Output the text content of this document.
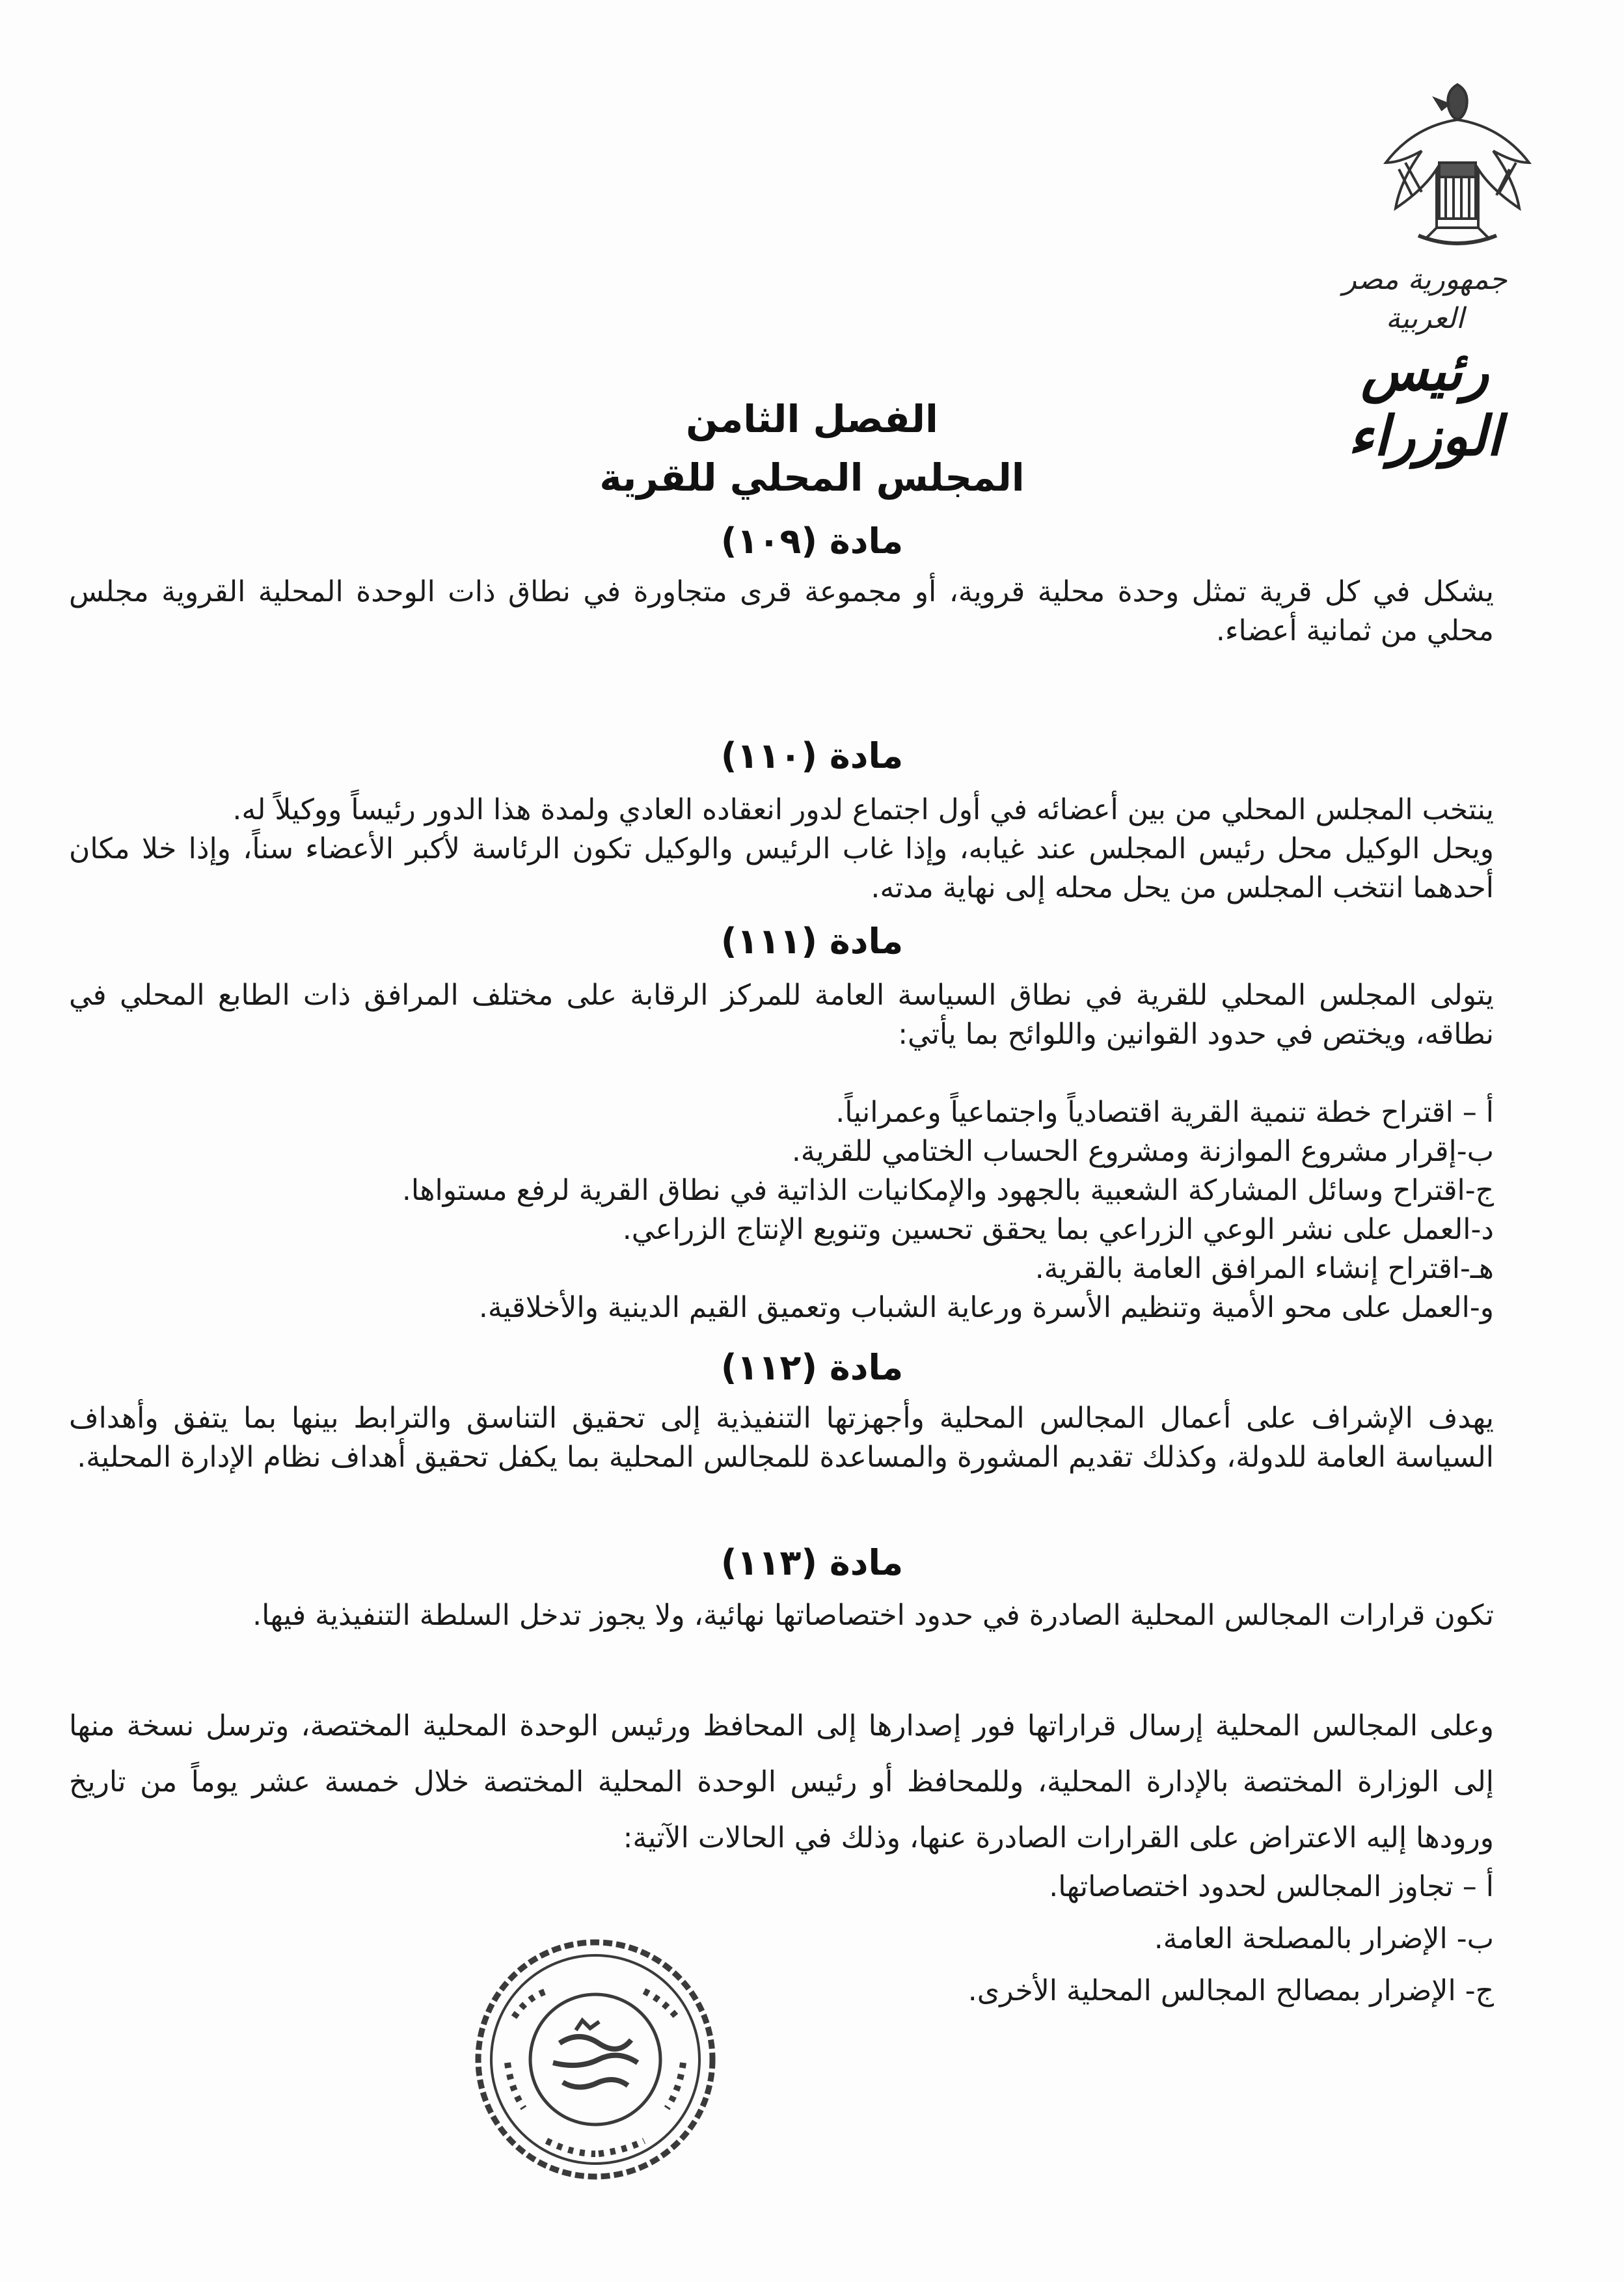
جمهورية مصر العربية
رئيس الوزراء
الفصل الثامن
المجلس المحلي للقرية
مادة (١٠٩)
يشكل في كل قرية تمثل وحدة محلية قروية، أو مجموعة قرى متجاورة في نطاق ذات الوحدة المحلية القروية مجلس محلي من ثمانية أعضاء.
مادة (١١٠)
ينتخب المجلس المحلي من بين أعضائه في أول اجتماع لدور انعقاده العادي ولمدة هذا الدور رئيساً ووكيلاً له.
ويحل الوكيل محل رئيس المجلس عند غيابه، وإذا غاب الرئيس والوكيل تكون الرئاسة لأكبر الأعضاء سناً، وإذا خلا مكان أحدهما انتخب المجلس من يحل محله إلى نهاية مدته.
مادة (١١١)
يتولى المجلس المحلي للقرية في نطاق السياسة العامة للمركز الرقابة على مختلف المرافق ذات الطابع المحلي في نطاقه، ويختص في حدود القوانين واللوائح بما يأتي:
أ – اقتراح خطة تنمية القرية اقتصادياً واجتماعياً وعمرانياً.
ب-إقرار مشروع الموازنة ومشروع الحساب الختامي للقرية.
ج-اقتراح وسائل المشاركة الشعبية بالجهود والإمكانيات الذاتية في نطاق القرية لرفع مستواها.
د-العمل على نشر الوعي الزراعي بما يحقق تحسين وتنويع الإنتاج الزراعي.
هـ-اقتراح إنشاء المرافق العامة بالقرية.
و-العمل على محو الأمية وتنظيم الأسرة ورعاية الشباب وتعميق القيم الدينية والأخلاقية.
مادة (١١٢)
يهدف الإشراف على أعمال المجالس المحلية وأجهزتها التنفيذية إلى تحقيق التناسق والترابط بينها بما يتفق وأهداف السياسة العامة للدولة، وكذلك تقديم المشورة والمساعدة للمجالس المحلية بما يكفل تحقيق أهداف نظام الإدارة المحلية.
مادة (١١٣)
تكون قرارات المجالس المحلية الصادرة في حدود اختصاصاتها نهائية، ولا يجوز تدخل السلطة التنفيذية فيها.
وعلى المجالس المحلية إرسال قراراتها فور إصدارها إلى المحافظ ورئيس الوحدة المحلية المختصة، وترسل نسخة منها إلى الوزارة المختصة بالإدارة المحلية، وللمحافظ أو رئيس الوحدة المحلية المختصة خلال خمسة عشر يوماً من تاريخ ورودها إليه الاعتراض على القرارات الصادرة عنها، وذلك في الحالات الآتية:
أ – تجاوز المجالس لحدود اختصاصاتها.
ب- الإضرار بالمصلحة العامة.
ج- الإضرار بمصالح المجالس المحلية الأخرى.
